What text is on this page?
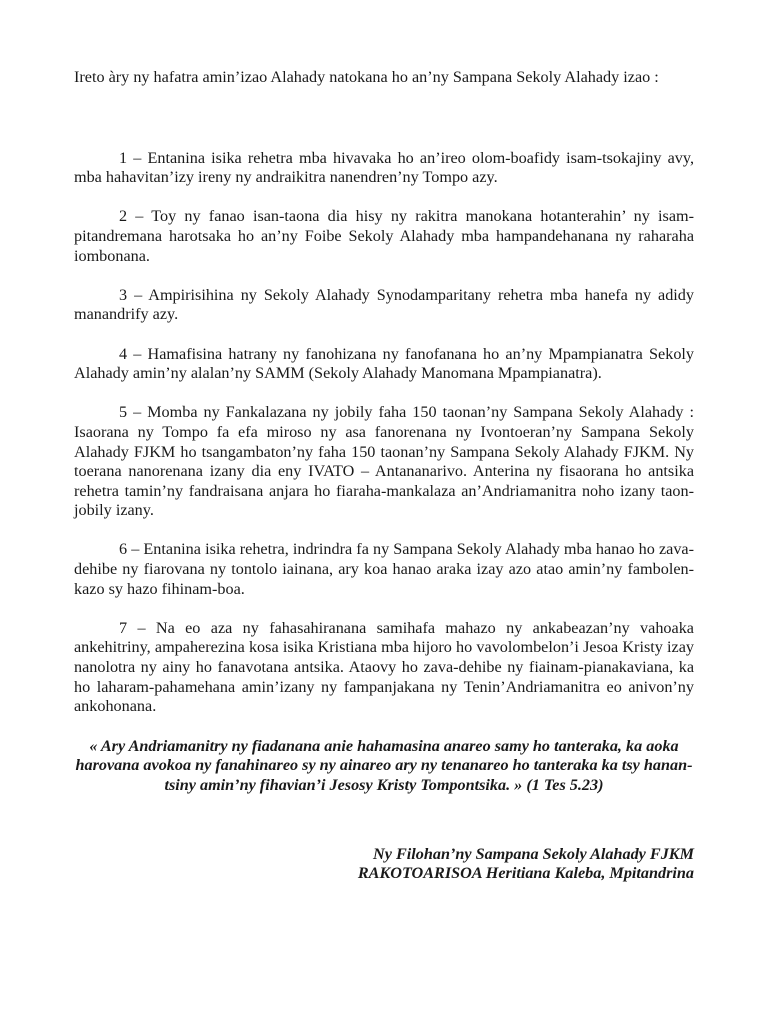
Ireto àry ny hafatra amin’izao Alahady natokana ho an’ny Sampana Sekoly Alahady izao :

1 – Entanina isika rehetra mba hivavaka ho an’ireo olom-boafidy isam-tsokajiny avy, mba hahavitan’izy ireny ny andraikitra nanendren’ny Tompo azy.

2 – Toy ny fanao isan-taona dia hisy ny rakitra manokana hotanterahin’ ny isam-pitandremana harotsaka ho an’ny Foibe Sekoly Alahady mba hampandehanana ny raharaha iombonana.

3 – Ampirisihina ny Sekoly Alahady Synodamparitany rehetra mba hanefa ny adidy manandrify azy.

4 – Hamafisina hatrany ny fanohizana ny fanofanana ho an’ny Mpampianatra Sekoly Alahady amin’ny alalan’ny SAMM (Sekoly Alahady Manomana Mpampianatra).

5 – Momba ny Fankalazana ny jobily faha 150 taonan’ny Sampana Sekoly Alahady : Isaorana ny Tompo fa efa miroso ny asa fanorenana ny Ivontoeran’ny Sampana Sekoly Alahady FJKM ho tsangambaton’ny faha 150 taonan’ny Sampana Sekoly Alahady FJKM. Ny toerana nanorenana izany dia eny IVATO – Antananarivo. Anterina ny fisaorana ho antsika rehetra tamin’ny fandraisana anjara ho fiaraha-mankalaza an’Andriamanitra noho izany taon-jobily izany.

6 – Entanina isika rehetra, indrindra fa ny Sampana Sekoly Alahady mba hanao ho zava-dehibe ny fiarovana ny tontolo iainana, ary koa hanao araka izay azo atao amin’ny fambolen-kazo sy hazo fihinam-boa.

7 – Na eo aza ny fahasahiranana samihafa mahazo ny ankabeazan’ny vahoaka ankehitriny, ampaherezina kosa isika Kristiana mba hijoro ho vavolombelon’i Jesoa Kristy izay nanolotra ny ainy ho fanavotana antsika. Ataovy ho zava-dehibe ny fiainam-pianakaviana, ka ho laharam-pahamehana amin’izany ny fampanjakana ny Tenin’Andriamanitra eo anivon’ny ankohonana.

« Ary Andriamanitry ny fiadanana anie hahamasina anareo samy ho tanteraka, ka aoka harovana avokoa ny fanahinareo sy ny ainareo ary ny tenanareo ho tanteraka ka tsy hanan-tsiny amin’ny fihavian’i Jesosy Kristy Tompontsika. » (1 Tes 5.23)

Ny Filohan’ny Sampana Sekoly Alahady FJKM
RAKOTOARISOA Heritiana Kaleba, Mpitandrina
